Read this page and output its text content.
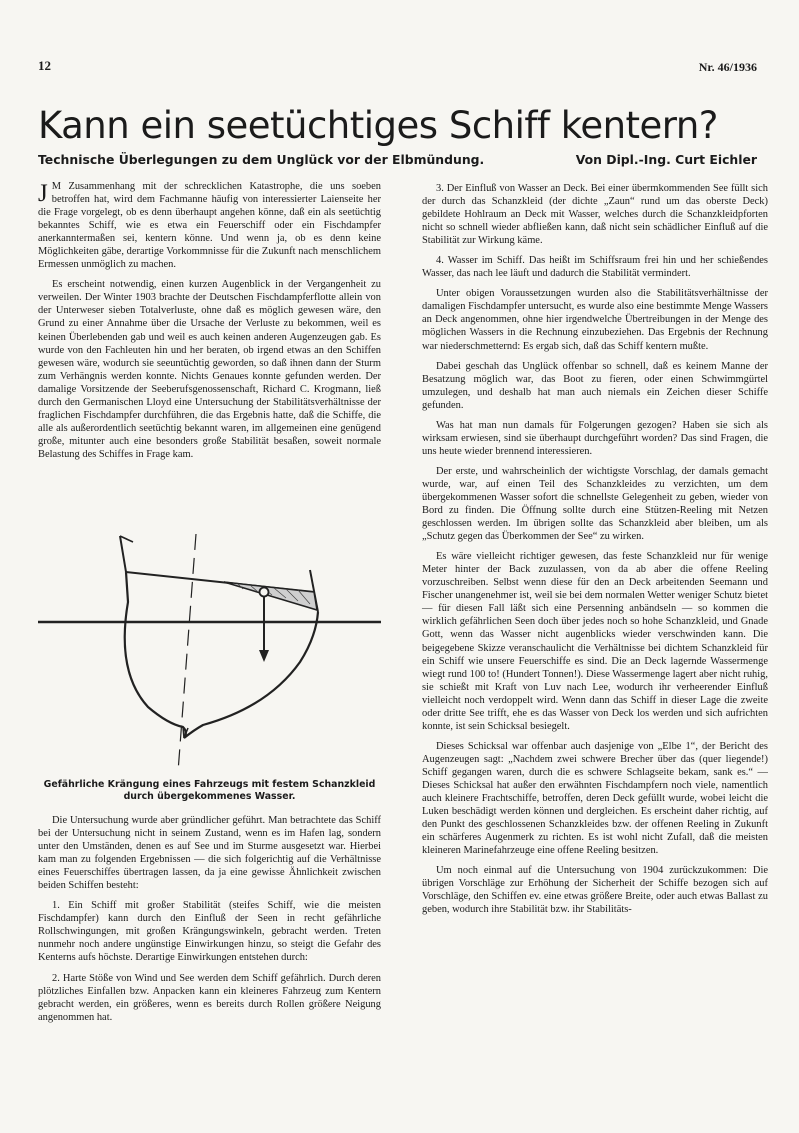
12	Nr. 46/1936
Kann ein seetüchtiges Schiff kentern?
Technische Überlegungen zu dem Unglück vor der Elbmündung.	Von Dipl.-Ing. Curt Eichler

J M Zusammenhang mit der schrecklichen Katastrophe, die uns soeben betroffen hat, wird dem Fachmanne häufig von interessierter Laienseite her die Frage vorgelegt, ob es denn überhaupt angehen könne, daß ein als seetüchtig bekanntes Schiff, wie es etwa ein Feuerschiff oder ein Fischdampfer anerkanntermaßen sei, kentern könne. Und wenn ja, ob es denn keine Möglichkeiten gäbe, derartige Vorkommnisse für die Zukunft nach menschlichem Ermessen unmöglich zu machen.

Es erscheint notwendig, einen kurzen Augenblick in der Vergangenheit zu verweilen. Der Winter 1903 brachte der Deutschen Fischdampferflotte allein von der Unterweser sieben Totalverluste, ohne daß es möglich gewesen wäre, den Grund zu einer Annahme über die Ursache der Verluste zu bekommen, weil es keinen Überlebenden gab und weil es auch keinen anderen Augenzeugen gab. Es wurde von den Fachleuten hin und her beraten, ob irgend etwas an den Schiffen gewesen wäre, wodurch sie seeuntüchtig geworden, so daß ihnen dann der Sturm zum Verhängnis werden konnte. Nichts Genaues konnte gefunden werden. Der damalige Vorsitzende der Seeberufsgenossenschaft, Richard C. Krogmann, ließ durch den Germanischen Lloyd eine Untersuchung der Stabilitätsverhältnisse der fraglichen Fischdampfer durchführen, die das Ergebnis hatte, daß die Schiffe, die alle als außerordentlich seetüchtig bekannt waren, im allgemeinen eine genügend große, mitunter auch eine besonders große Stabilität besaßen, soweit normale Belastung des Schiffes in Frage kam.

Gefährliche Krängung eines Fahrzeugs mit festem Schanzkleid durch übergekommenes Wasser.

Die Untersuchung wurde aber gründlicher geführt. Man betrachtete das Schiff bei der Untersuchung nicht in seinem Zustand, wenn es im Hafen lag, sondern unter den Umständen, denen es auf See und im Sturme ausgesetzt war. Hierbei kam man zu folgenden Ergebnissen — die sich folgerichtig auf die Verhältnisse eines Feuerschiffes übertragen lassen, da ja eine gewisse Ähnlichkeit zwischen beiden Schiffen besteht:

1. Ein Schiff mit großer Stabilität (steifes Schiff, wie die meisten Fischdampfer) kann durch den Einfluß der Seen in recht gefährliche Rollschwingungen, mit großen Krängungswinkeln, gebracht werden. Treten nunmehr noch andere ungünstige Einwirkungen hinzu, so steigt die Gefahr des Kenterns aufs höchste. Derartige Einwirkungen entstehen durch:

2. Harte Stöße von Wind und See werden dem Schiff gefährlich. Durch deren plötzliches Einfallen bzw. Anpacken kann ein kleineres Fahrzeug zum Kentern gebracht werden, ein größeres, wenn es bereits durch Rollen größere Neigung angenommen hat.

3. Der Einfluß von Wasser an Deck. Bei einer übermkommenden See füllt sich der durch das Schanzkleid (der dichte „Zaun“ rund um das oberste Deck) gebildete Hohlraum an Deck mit Wasser, welches durch die Schanzkleidpforten nicht so schnell wieder abfließen kann, daß nicht sein schädlicher Einfluß auf die Stabilität zur Wirkung käme.

4. Wasser im Schiff. Das heißt im Schiffsraum frei hin und her schießendes Wasser, das nach lee läuft und dadurch die Stabilität vermindert.

Unter obigen Voraussetzungen wurden also die Stabilitätsverhältnisse der damaligen Fischdampfer untersucht, es wurde also eine bestimmte Menge Wassers an Deck angenommen, ohne hier irgendwelche Übertreibungen in der Menge des möglichen Wassers in die Rechnung einzubeziehen. Das Ergebnis der Rechnung war niederschmetternd: Es ergab sich, daß das Schiff kentern mußte.

Dabei geschah das Unglück offenbar so schnell, daß es keinem Manne der Besatzung möglich war, das Boot zu fieren, oder einen Schwimmgürtel umzulegen, und deshalb hat man auch niemals ein Zeichen dieser Schiffe gefunden.

Was hat man nun damals für Folgerungen gezogen? Haben sie sich als wirksam erwiesen, sind sie überhaupt durchgeführt worden? Das sind Fragen, die uns heute wieder brennend interessieren.

Der erste, und wahrscheinlich der wichtigste Vorschlag, der damals gemacht wurde, war, auf einen Teil des Schanzkleides zu verzichten, um dem übergekommenen Wasser sofort die schnellste Gelegenheit zu geben, wieder von Bord zu finden. Die Öffnung sollte durch eine Stützen-Reeling mit Netzen geschlossen werden. Im übrigen sollte das Schanzkleid aber bleiben, um als „Schutz gegen das Überkommen der See“ zu wirken.

Es wäre vielleicht richtiger gewesen, das feste Schanzkleid nur für wenige Meter hinter der Back zuzulassen, von da ab aber die offene Reeling vorzuschreiben. Selbst wenn diese für den an Deck arbeitenden Seemann und Fischer unangenehmer ist, weil sie bei dem normalen Wetter weniger Schutz bietet — für diesen Fall läßt sich eine Persenning anbändseln — so kommen die wirklich gefährlichen Seen doch über jedes noch so hohe Schanzkleid, und Gnade Gott, wenn das Wasser nicht augenblicks wieder verschwinden kann. Die beigegebene Skizze veranschaulicht die Verhältnisse bei dichtem Schanzkleid für ein Schiff wie unsere Feuerschiffe es sind. Die an Deck lagernde Wassermenge wiegt rund 100 to! (Hundert Tonnen!). Diese Wassermenge lagert aber nicht ruhig, sie schießt mit Kraft von Luv nach Lee, wodurch ihr verheerender Einfluß vielleicht noch verdoppelt wird. Wenn dann das Schiff in dieser Lage die zweite oder dritte See trifft, ehe es das Wasser von Deck los werden und sich aufrichten konnte, ist sein Schicksal besiegelt.

Dieses Schicksal war offenbar auch dasjenige von „Elbe 1“, der Bericht des Augenzeugen sagt: „Nachdem zwei schwere Brecher über das (quer liegende!) Schiff gegangen waren, durch die es schwere Schlagseite bekam, sank es.“ — Dieses Schicksal hat außer den erwähnten Fischdampfern noch viele, namentlich auch kleinere Frachtschiffe, betroffen, deren Deck gefüllt wurde, wobei leicht die Luken beschädigt werden können und dergleichen. Es erscheint daher richtig, auf den Punkt des geschlossenen Schanzkleides bzw. der offenen Reeling in Zukunft ein schärferes Augenmerk zu richten. Es ist wohl nicht Zufall, daß die meisten kleineren Marinefahrzeuge eine offene Reeling besitzen.

Um noch einmal auf die Untersuchung von 1904 zurückzukommen: Die übrigen Vorschläge zur Erhöhung der Sicherheit der Schiffe bezogen sich auf Vorschläge, den Schiffen ev. eine etwas größere Breite, oder auch etwas Ballast zu geben, wodurch ihre Stabilität bzw. ihr Stabilitäts-
